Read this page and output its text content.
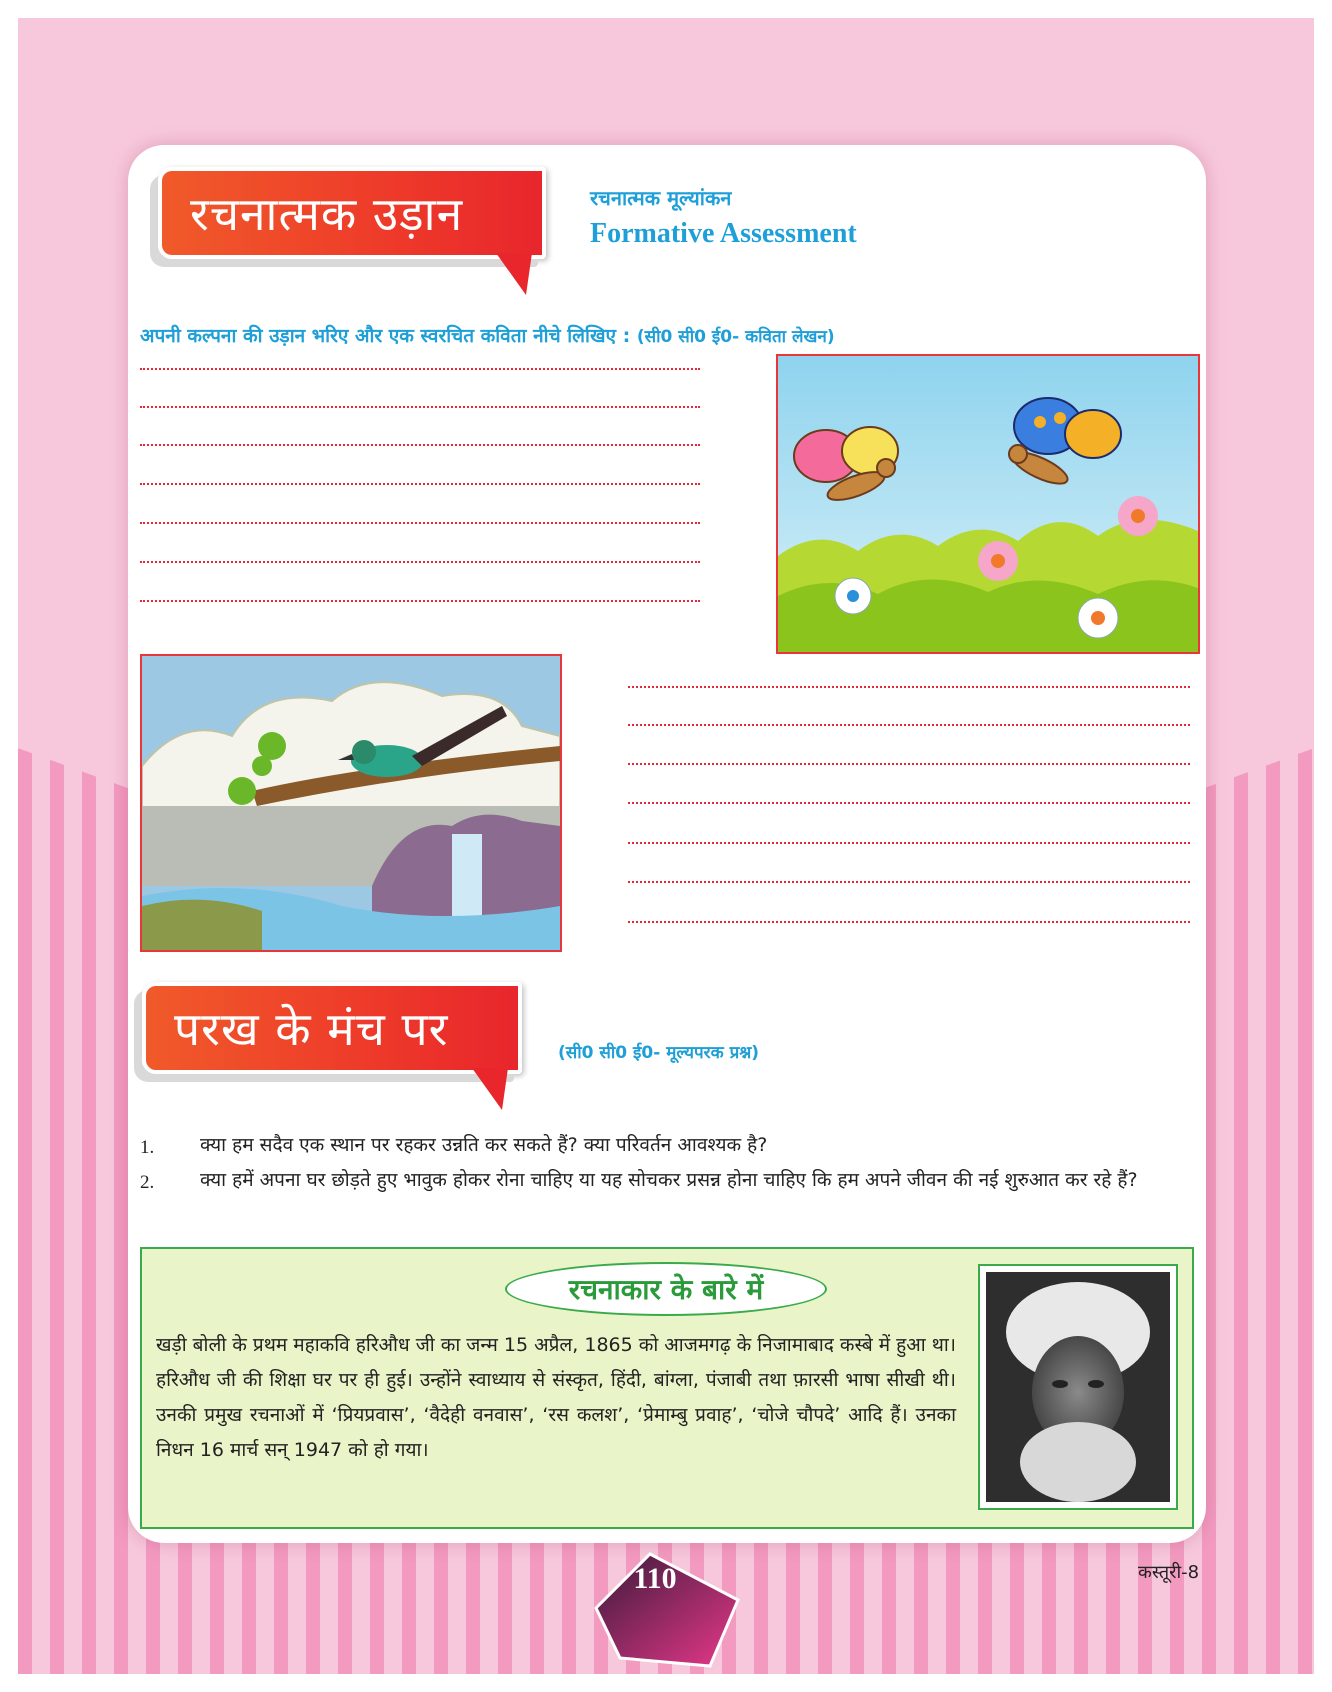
रचनात्मक उड़ान	रचनात्मक मूल्यांकन
Formative Assessment
अपनी कल्पना की उड़ान भरिए और एक स्वरचित कविता नीचे लिखिए : (सी0 सी0 ई0- कविता लेखन)
परख के मंच पर	(सी0 सी0 ई0- मूल्यपरक प्रश्न)
1. क्या हम सदैव एक स्थान पर रहकर उन्नति कर सकते हैं? क्या परिवर्तन आवश्यक है?
2. क्या हमें अपना घर छोड़ते हुए भावुक होकर रोना चाहिए या यह सोचकर प्रसन्न होना चाहिए कि हम अपने जीवन की नई शुरुआत कर रहे हैं?
रचनाकार के बारे में
खड़ी बोली के प्रथम महाकवि हरिऔध जी का जन्म 15 अप्रैल, 1865 को आजमगढ़ के निजामाबाद कस्बे में हुआ था। हरिऔध जी की शिक्षा घर पर ही हुई। उन्होंने स्वाध्याय से संस्कृत, हिंदी, बांग्ला, पंजाबी तथा फ़ारसी भाषा सीखी थी। उनकी प्रमुख रचनाओं में ‘प्रियप्रवास’, ‘वैदेही वनवास’, ‘रस कलश’, ‘प्रेमाम्बु प्रवाह’, ‘चोजे चौपदे’ आदि हैं। उनका निधन 16 मार्च सन् 1947 को हो गया।
कस्तूरी-8
110
